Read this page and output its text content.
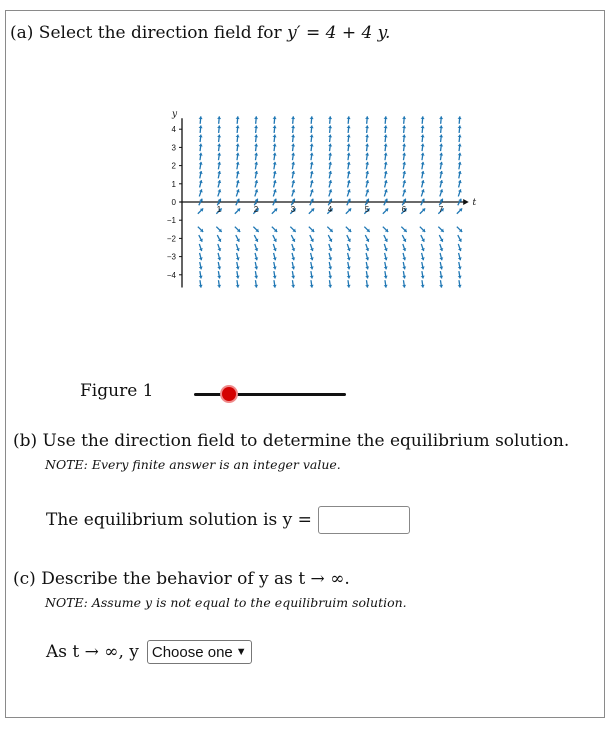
(a) Select the direction field for y′ = 4 + 4 y.
4
3
2
1
0
−1
−2
−3
−4
1	2	3	4	5	6	7
y
t
Figure 1
(b) Use the direction field to determine the equilibrium solution.
NOTE: Every finite answer is an integer value.
The equilibrium solution is y =
(c) Describe the behavior of y as t → ∞.
NOTE: Assume y is not equal to the equilibruim solution.
As t → ∞, y Choose one ▼
